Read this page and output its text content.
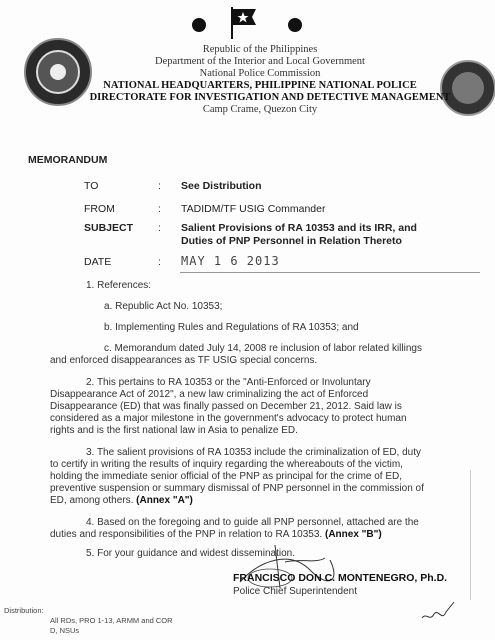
Republic of the Philippines
Department of the Interior and Local Government
National Police Commission
NATIONAL HEADQUARTERS, PHILIPPINE NATIONAL POLICE
DIRECTORATE FOR INVESTIGATION AND DETECTIVE MANAGEMENT
Camp Crame, Quezon City
MEMORANDUM
TO	: See Distribution
FROM	: TADIDM/TF USIG Commander
SUBJECT : Salient Provisions of RA 10353 and its IRR, and
Duties of PNP Personnel in Relation Thereto
DATE	: MAY 1 6 2013
1. References:
a. Republic Act No. 10353;
b. Implementing Rules and Regulations of RA 10353; and
c. Memorandum dated July 14, 2008 re inclusion of labor related killings
and enforced disappearances as TF USIG special concerns.
2. This pertains to RA 10353 or the "Anti-Enforced or Involuntary
Disappearance Act of 2012", a new law criminalizing the act of Enforced
Disappearance (ED) that was finally passed on December 21, 2012. Said law is
considered as a major milestone in the government's advocacy to protect human
rights and is the first national law in Asia to penalize ED.
3. The salient provisions of RA 10353 include the criminalization of ED, duty
to certify in writing the results of inquiry regarding the whereabouts of the victim,
holding the immediate senior official of the PNP as principal for the crime of ED,
preventive suspension or summary dismissal of PNP personnel in the commission of
ED, among others. (Annex "A")
4. Based on the foregoing and to guide all PNP personnel, attached are the
duties and responsibilities of the PNP in relation to RA 10353. (Annex "B")
5. For your guidance and widest dissemination.
FRANCISCO DON C. MONTENEGRO, Ph.D.
Police Chief Superintendent
Distribution:
All RDs, PRO 1-13, ARMM and COR
D, NSUs
